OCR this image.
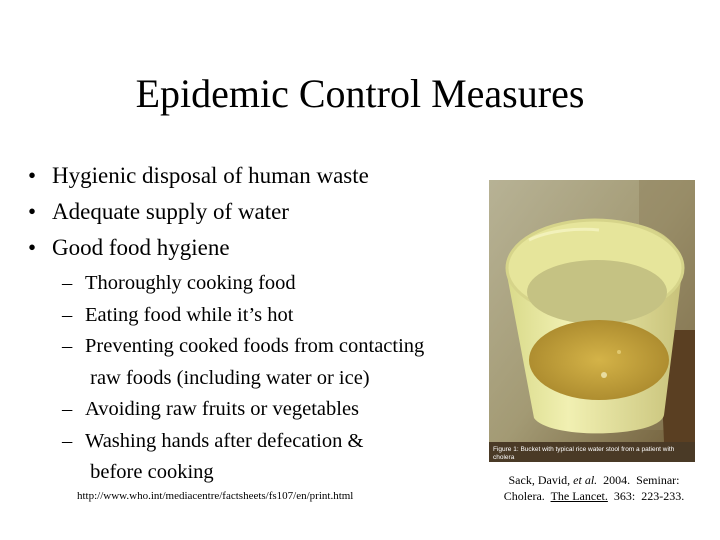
Epidemic Control Measures
• Hygienic disposal of human waste
• Adequate supply of water
• Good food hygiene
– Thoroughly cooking food
– Eating food while it’s hot
– Preventing cooked foods from contacting
raw foods (including water or ice)
– Avoiding raw fruits or vegetables
– Washing hands after defecation &
before cooking
http://www.who.int/mediacentre/factsheets/fs107/en/print.html
Figure 1: Bucket with typical rice water stool from a patient with cholera
Sack, David, et al.  2004.  Seminar:
Cholera.  The Lancet.  363:  223-233.
